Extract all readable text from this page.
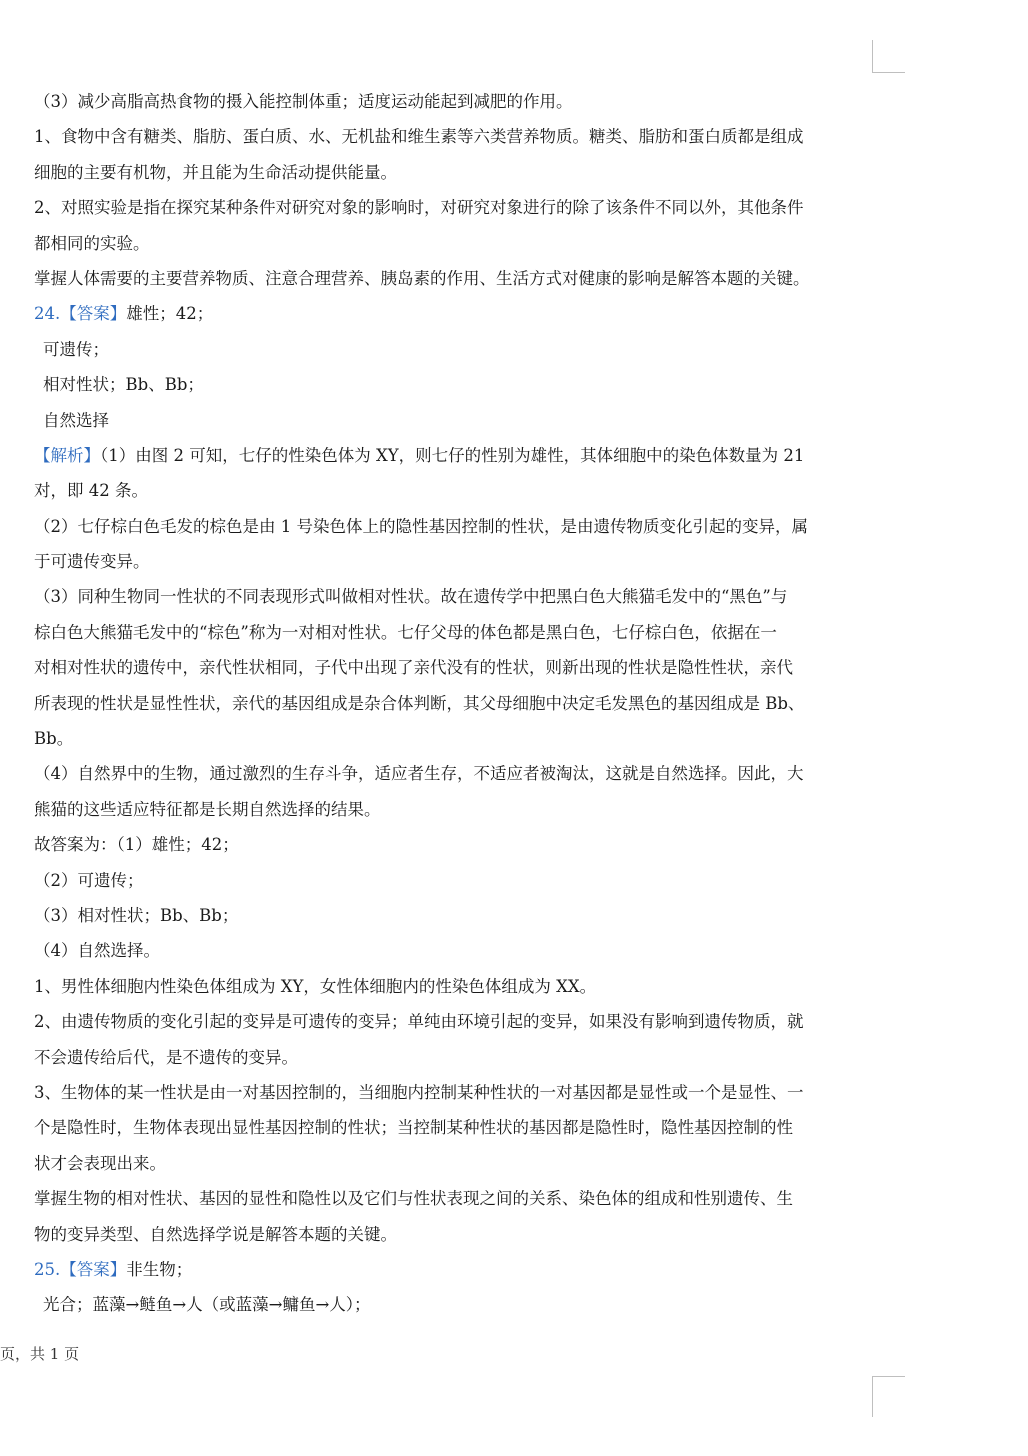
（3）减少高脂高热食物的摄入能控制体重；适度运动能起到减肥的作用。
1、食物中含有糖类、脂肪、蛋白质、水、无机盐和维生素等六类营养物质。糖类、脂肪和蛋白质都是组成
细胞的主要有机物，并且能为生命活动提供能量。
2、对照实验是指在探究某种条件对研究对象的影响时，对研究对象进行的除了该条件不同以外，其他条件
都相同的实验。
掌握人体需要的主要营养物质、注意合理营养、胰岛素的作用、生活方式对健康的影响是解答本题的关键。
24.【答案】雄性；42；
可遗传；
相对性状；Bb、Bb；
自然选择
【解析】（1）由图 2 可知，七仔的性染色体为 XY，则七仔的性别为雄性，其体细胞中的染色体数量为 21
对，即 42 条。
（2）七仔棕白色毛发的棕色是由 1 号染色体上的隐性基因控制的性状，是由遗传物质变化引起的变异，属
于可遗传变异。
（3）同种生物同一性状的不同表现形式叫做相对性状。故在遗传学中把黑白色大熊猫毛发中的“黑色”与
棕白色大熊猫毛发中的“棕色”称为一对相对性状。七仔父母的体色都是黑白色，七仔棕白色，依据在一
对相对性状的遗传中，亲代性状相同，子代中出现了亲代没有的性状，则新出现的性状是隐性性状，亲代
所表现的性状是显性性状，亲代的基因组成是杂合体判断，其父母细胞中决定毛发黑色的基因组成是 Bb、
Bb。
（4）自然界中的生物，通过激烈的生存斗争，适应者生存，不适应者被淘汰，这就是自然选择。因此，大
熊猫的这些适应特征都是长期自然选择的结果。
故答案为：（1）雄性；42；
（2）可遗传；
（3）相对性状；Bb、Bb；
（4）自然选择。
1、男性体细胞内性染色体组成为 XY，女性体细胞内的性染色体组成为 XX。
2、由遗传物质的变化引起的变异是可遗传的变异；单纯由环境引起的变异，如果没有影响到遗传物质，就
不会遗传给后代，是不遗传的变异。
3、生物体的某一性状是由一对基因控制的，当细胞内控制某种性状的一对基因都是显性或一个是显性、一
个是隐性时，生物体表现出显性基因控制的性状；当控制某种性状的基因都是隐性时，隐性基因控制的性
状才会表现出来。
掌握生物的相对性状、基因的显性和隐性以及它们与性状表现之间的关系、染色体的组成和性别遗传、生
物的变异类型、自然选择学说是解答本题的关键。
25.【答案】非生物；
光合；蓝藻→鲢鱼→人（或蓝藻→鳙鱼→人）；
页，共 1 页
